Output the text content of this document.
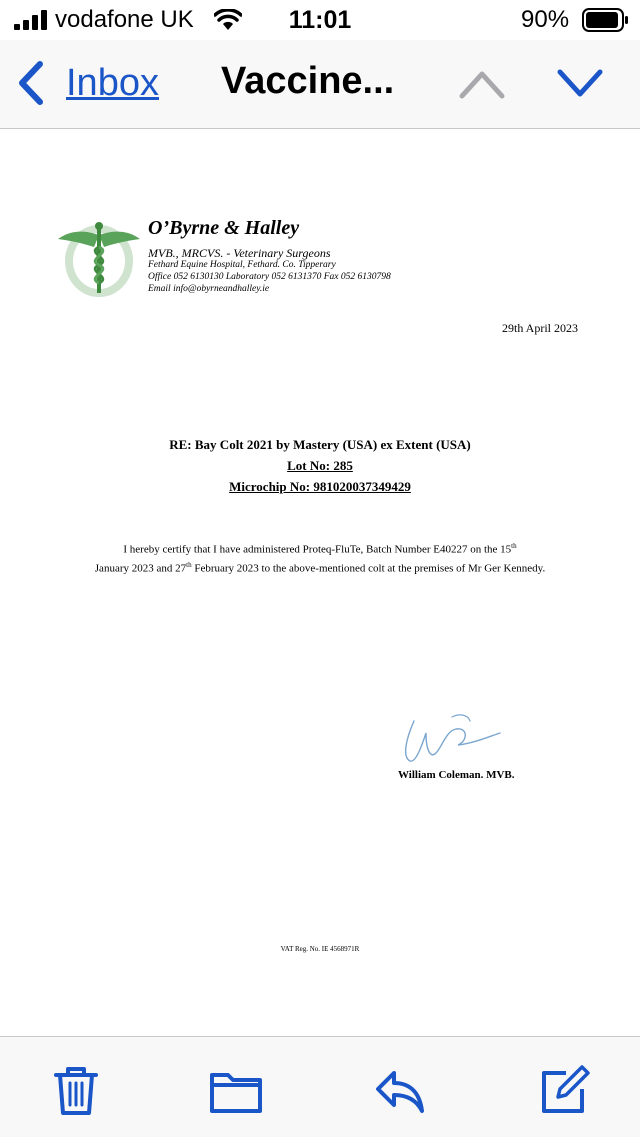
vodafone UK	11:01	90%
Inbox Vaccine...
O’Byrne & Halley
MVB., MRCVS. - Veterinary Surgeons
Fethard Equine Hospital, Fethard. Co. Tipperary
Office 052 6130130 Laboratory 052 6131370 Fax 052 6130798
Email info@obyrneandhalley.ie
29th April 2023
RE: Bay Colt 2021 by Mastery (USA) ex Extent (USA)
Lot No: 285
Microchip No: 981020037349429
I hereby certify that I have administered Proteq-FluTe, Batch Number E40227 on the 15th
January 2023 and 27th February 2023 to the above-mentioned colt at the premises of Mr Ger Kennedy.
William Coleman. MVB.
VAT Reg. No. IE 4568971R
